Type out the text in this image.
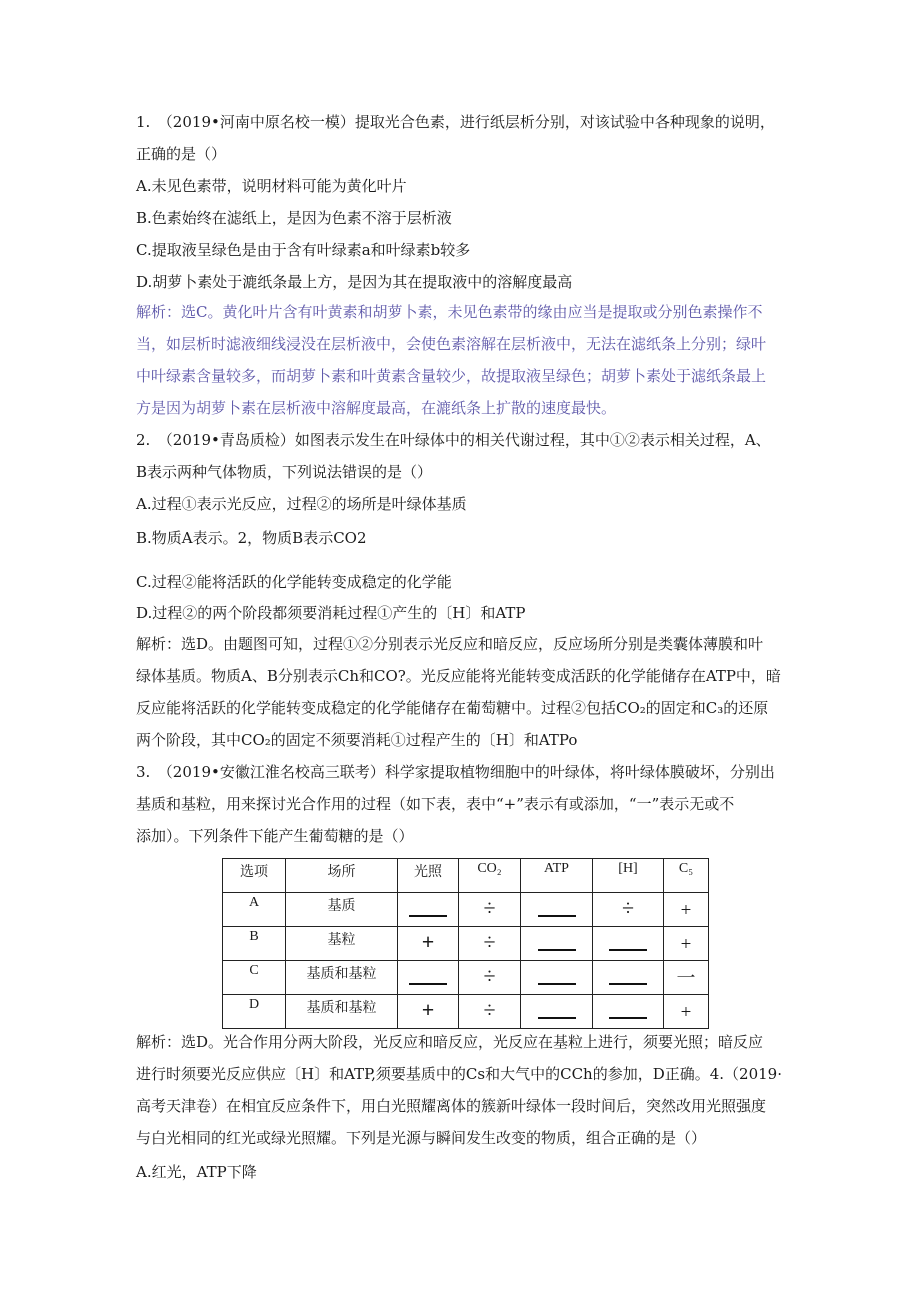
1.　（2019•河南中原名校一模）提取光合色素，进行纸层析分别，对该试验中各种现象的说明，
正确的是（）
A.未见色素带，说明材料可能为黄化叶片
B.色素始终在滤纸上，是因为色素不溶于层析液
C.提取液呈绿色是由于含有叶绿素a和叶绿素b较多
D.胡萝卜素处于漉纸条最上方，是因为其在提取液中的溶解度最高
解析：选C。黄化叶片含有叶黄素和胡萝卜素，未见色素带的缘由应当是提取或分别色素操作不
当，如层析时滤液细线浸没在层析液中，会使色素溶解在层析液中，无法在滤纸条上分别；绿叶
中叶绿素含量较多，而胡萝卜素和叶黄素含量较少，故提取液呈绿色；胡萝卜素处于滤纸条最上
方是因为胡萝卜素在层析液中溶解度最高，在漉纸条上扩散的速度最快。
2.　（2019•青岛质检）如图表示发生在叶绿体中的相关代谢过程，其中①②表示相关过程，A、
B表示两种气体物质，下列说法错误的是（）
A.过程①表示光反应，过程②的场所是叶绿体基质
B.物质A表示。2，物质B表示CO2
C.过程②能将活跃的化学能转变成稳定的化学能
D.过程②的两个阶段都须要消耗过程①产生的〔H〕和ATP
解析：选D。由题图可知，过程①②分别表示光反应和暗反应，反应场所分别是类囊体薄膜和叶
绿体基质。物质A、B分别表示Ch和CO?。光反应能将光能转变成活跃的化学能储存在ATP中，暗
反应能将活跃的化学能转变成稳定的化学能储存在葡萄糖中。过程②包括CO₂的固定和C₃的还原
两个阶段，其中CO₂的固定不须要消耗①过程产生的〔H〕和ATPo
3.　（2019•安徽江淮名校高三联考）科学家提取植物细胞中的叶绿体，将叶绿体膜破坏，分别出
基质和基粒，用来探讨光合作用的过程（如下表，表中“+”表示有或添加，“一”表示无或不
添加）。下列条件下能产生葡萄糖的是（）
选项	场所	光照	CO₂	ATP	[H]	C₅
A	基质		÷		÷	+
B	基粒	+	÷			+
C	基质和基粒		÷			一
D	基质和基粒	+	÷			+
解析：选D。光合作用分两大阶段，光反应和暗反应，光反应在基粒上进行，须要光照；暗反应
进行时须要光反应供应〔H〕和ATP,须要基质中的Cs和大气中的CCh的参加，D正确。4.（2019·
高考天津卷）在相宜反应条件下，用白光照耀离体的簇新叶绿体一段时间后，突然改用光照强度
与白光相同的红光或绿光照耀。下列是光源与瞬间发生改变的物质，组合正确的是（）
A.红光，ATP下降
